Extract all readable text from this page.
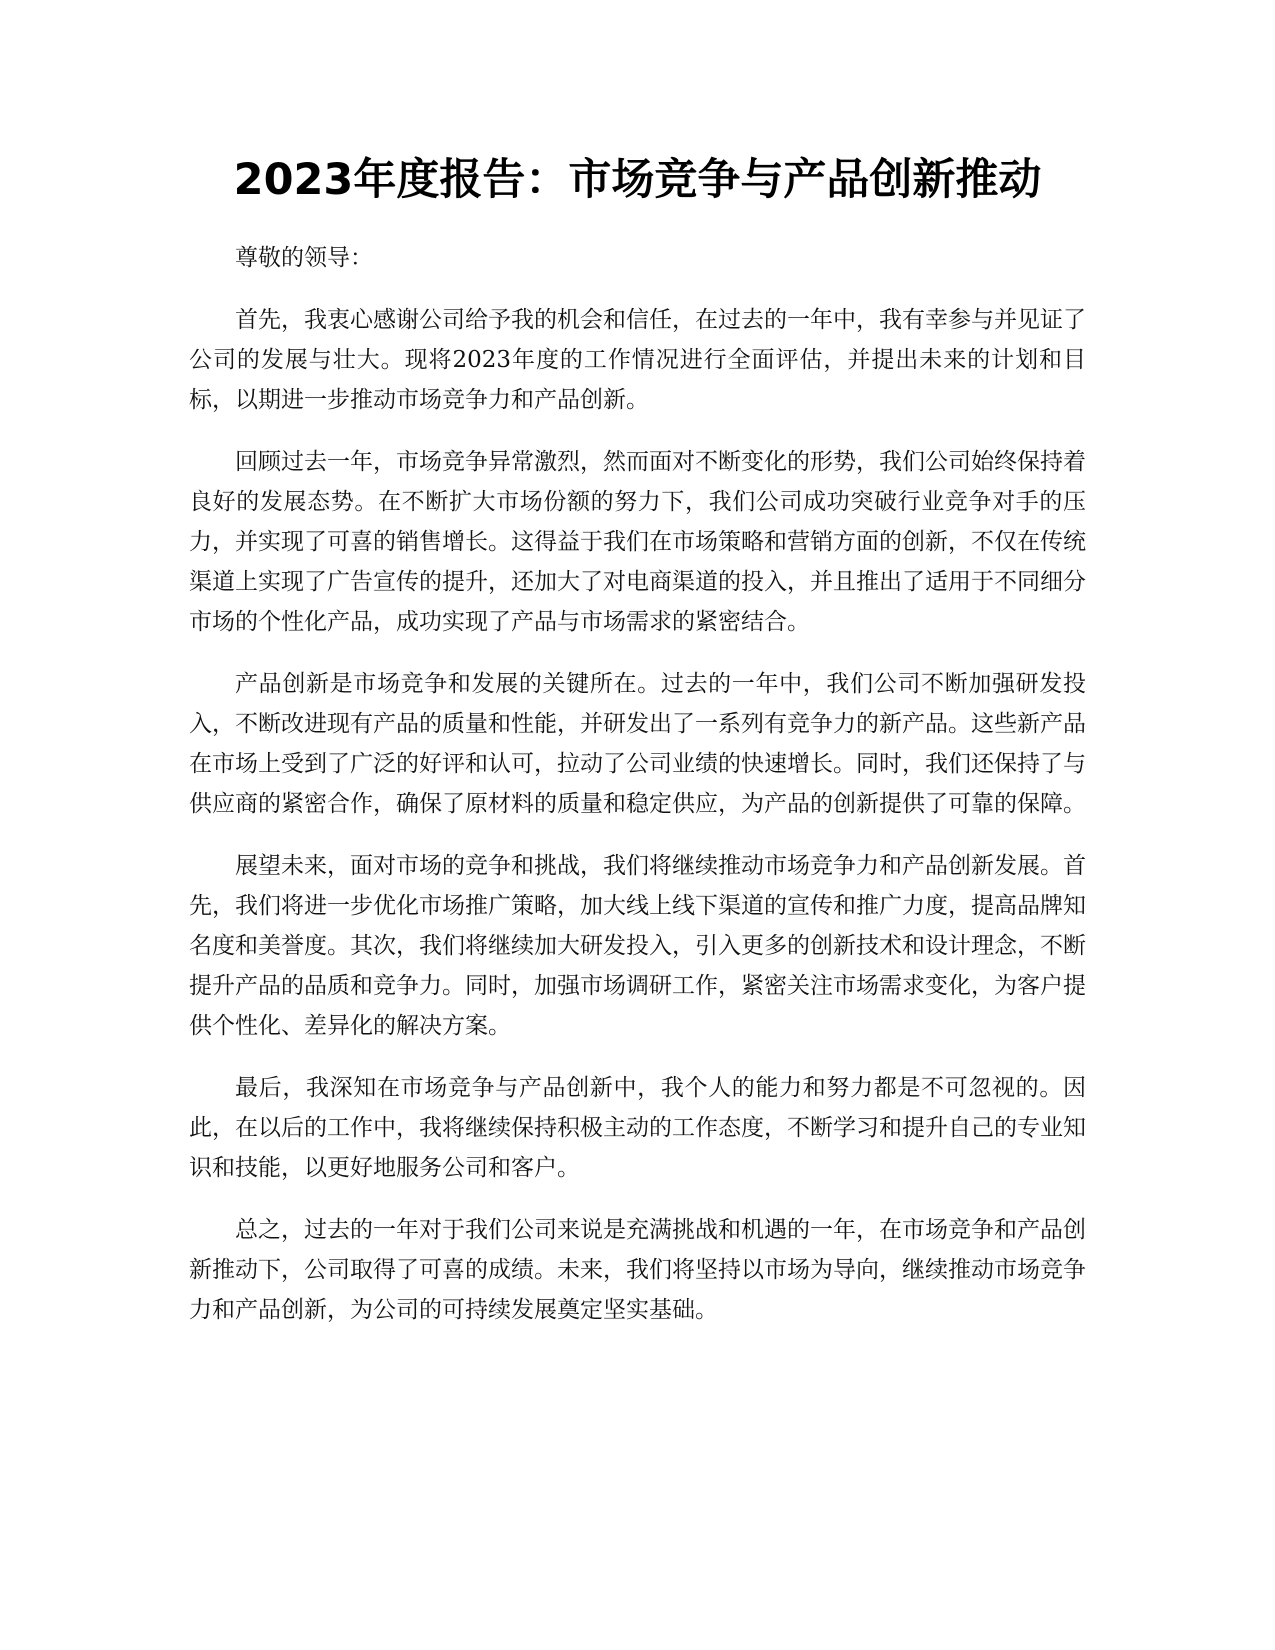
2023年度报告：市场竞争与产品创新推动

尊敬的领导：

首先，我衷心感谢公司给予我的机会和信任，在过去的一年中，我有幸参与并见证了公司的发展与壮大。现将2023年度的工作情况进行全面评估，并提出未来的计划和目标，以期进一步推动市场竞争力和产品创新。

回顾过去一年，市场竞争异常激烈，然而面对不断变化的形势，我们公司始终保持着良好的发展态势。在不断扩大市场份额的努力下，我们公司成功突破行业竞争对手的压力，并实现了可喜的销售增长。这得益于我们在市场策略和营销方面的创新，不仅在传统渠道上实现了广告宣传的提升，还加大了对电商渠道的投入，并且推出了适用于不同细分市场的个性化产品，成功实现了产品与市场需求的紧密结合。

产品创新是市场竞争和发展的关键所在。过去的一年中，我们公司不断加强研发投入，不断改进现有产品的质量和性能，并研发出了一系列有竞争力的新产品。这些新产品在市场上受到了广泛的好评和认可，拉动了公司业绩的快速增长。同时，我们还保持了与供应商的紧密合作，确保了原材料的质量和稳定供应，为产品的创新提供了可靠的保障。

展望未来，面对市场的竞争和挑战，我们将继续推动市场竞争力和产品创新发展。首先，我们将进一步优化市场推广策略，加大线上线下渠道的宣传和推广力度，提高品牌知名度和美誉度。其次，我们将继续加大研发投入，引入更多的创新技术和设计理念，不断提升产品的品质和竞争力。同时，加强市场调研工作，紧密关注市场需求变化，为客户提供个性化、差异化的解决方案。

最后，我深知在市场竞争与产品创新中，我个人的能力和努力都是不可忽视的。因此，在以后的工作中，我将继续保持积极主动的工作态度，不断学习和提升自己的专业知识和技能，以更好地服务公司和客户。

总之，过去的一年对于我们公司来说是充满挑战和机遇的一年，在市场竞争和产品创新推动下，公司取得了可喜的成绩。未来，我们将坚持以市场为导向，继续推动市场竞争力和产品创新，为公司的可持续发展奠定坚实基础。
